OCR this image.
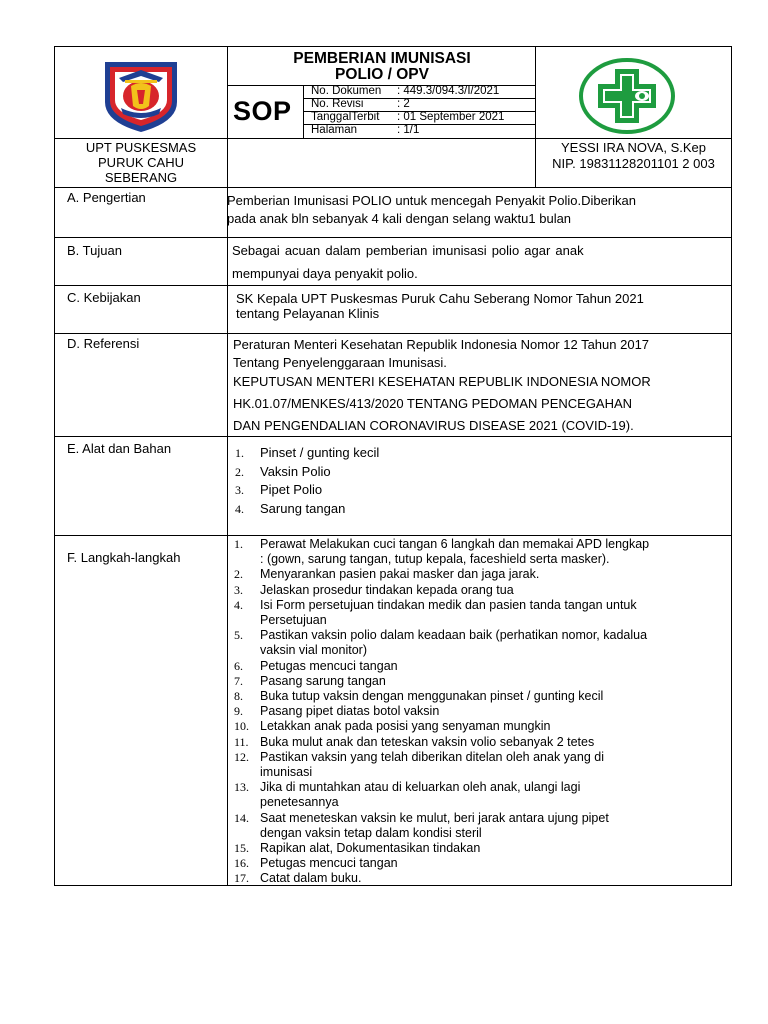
PEMBERIAN IMUNISASI
POLIO / OPV
SOP
No. Dokumen : 449.3/094.3/I/2021
No. Revisi	: 2
TanggalTerbit : 01 September 2021
Halaman	: 1/1
UPT PUSKESMAS
PURUK CAHU
SEBERANG
YESSI IRA NOVA, S.Kep
NIP. 19831128201101 2 003
A. Pengertian	Pemberian Imunisasi POLIO untuk mencegah Penyakit Polio.Diberikan
pada anak bln sebanyak 4 kali dengan selang waktu1 bulan
B. Tujuan	Sebagai acuan dalam pemberian imunisasi polio agar anak
mempunyai daya penyakit polio.
C. Kebijakan	SK Kepala UPT Puskesmas Puruk Cahu Seberang Nomor Tahun 2021
tentang Pelayanan Klinis
D. Referensi	Peraturan Menteri Kesehatan Republik Indonesia Nomor 12 Tahun 2017
Tentang Penyelenggaraan Imunisasi.
KEPUTUSAN MENTERI KESEHATAN REPUBLIK INDONESIA NOMOR
HK.01.07/MENKES/413/2020 TENTANG PEDOMAN PENCEGAHAN
DAN PENGENDALIAN CORONAVIRUS DISEASE 2021 (COVID-19).
E. Alat dan Bahan	1. Pinset / gunting kecil
2. Vaksin Polio
3. Pipet Polio
4. Sarung tangan
F. Langkah-langkah
1. Perawat Melakukan cuci tangan 6 langkah dan memakai APD lengkap
: (gown, sarung tangan, tutup kepala, faceshield serta masker).
2. Menyarankan pasien pakai masker dan jaga jarak.
3. Jelaskan prosedur tindakan kepada orang tua
4. Isi Form persetujuan tindakan medik dan pasien tanda tangan untuk
Persetujuan
5. Pastikan vaksin polio dalam keadaan baik (perhatikan nomor, kadalua
vaksin vial monitor)
6. Petugas mencuci tangan
7. Pasang sarung tangan
8. Buka tutup vaksin dengan menggunakan pinset / gunting kecil
9. Pasang pipet diatas botol vaksin
10. Letakkan anak pada posisi yang senyaman mungkin
11. Buka mulut anak dan teteskan vaksin volio sebanyak 2 tetes
12. Pastikan vaksin yang telah diberikan ditelan oleh anak yang di
imunisasi
13. Jika di muntahkan atau di keluarkan oleh anak, ulangi lagi
penetesannya
14. Saat meneteskan vaksin ke mulut, beri jarak antara ujung pipet
dengan vaksin tetap dalam kondisi steril
15. Rapikan alat, Dokumentasikan tindakan
16. Petugas mencuci tangan
17. Catat dalam buku.
